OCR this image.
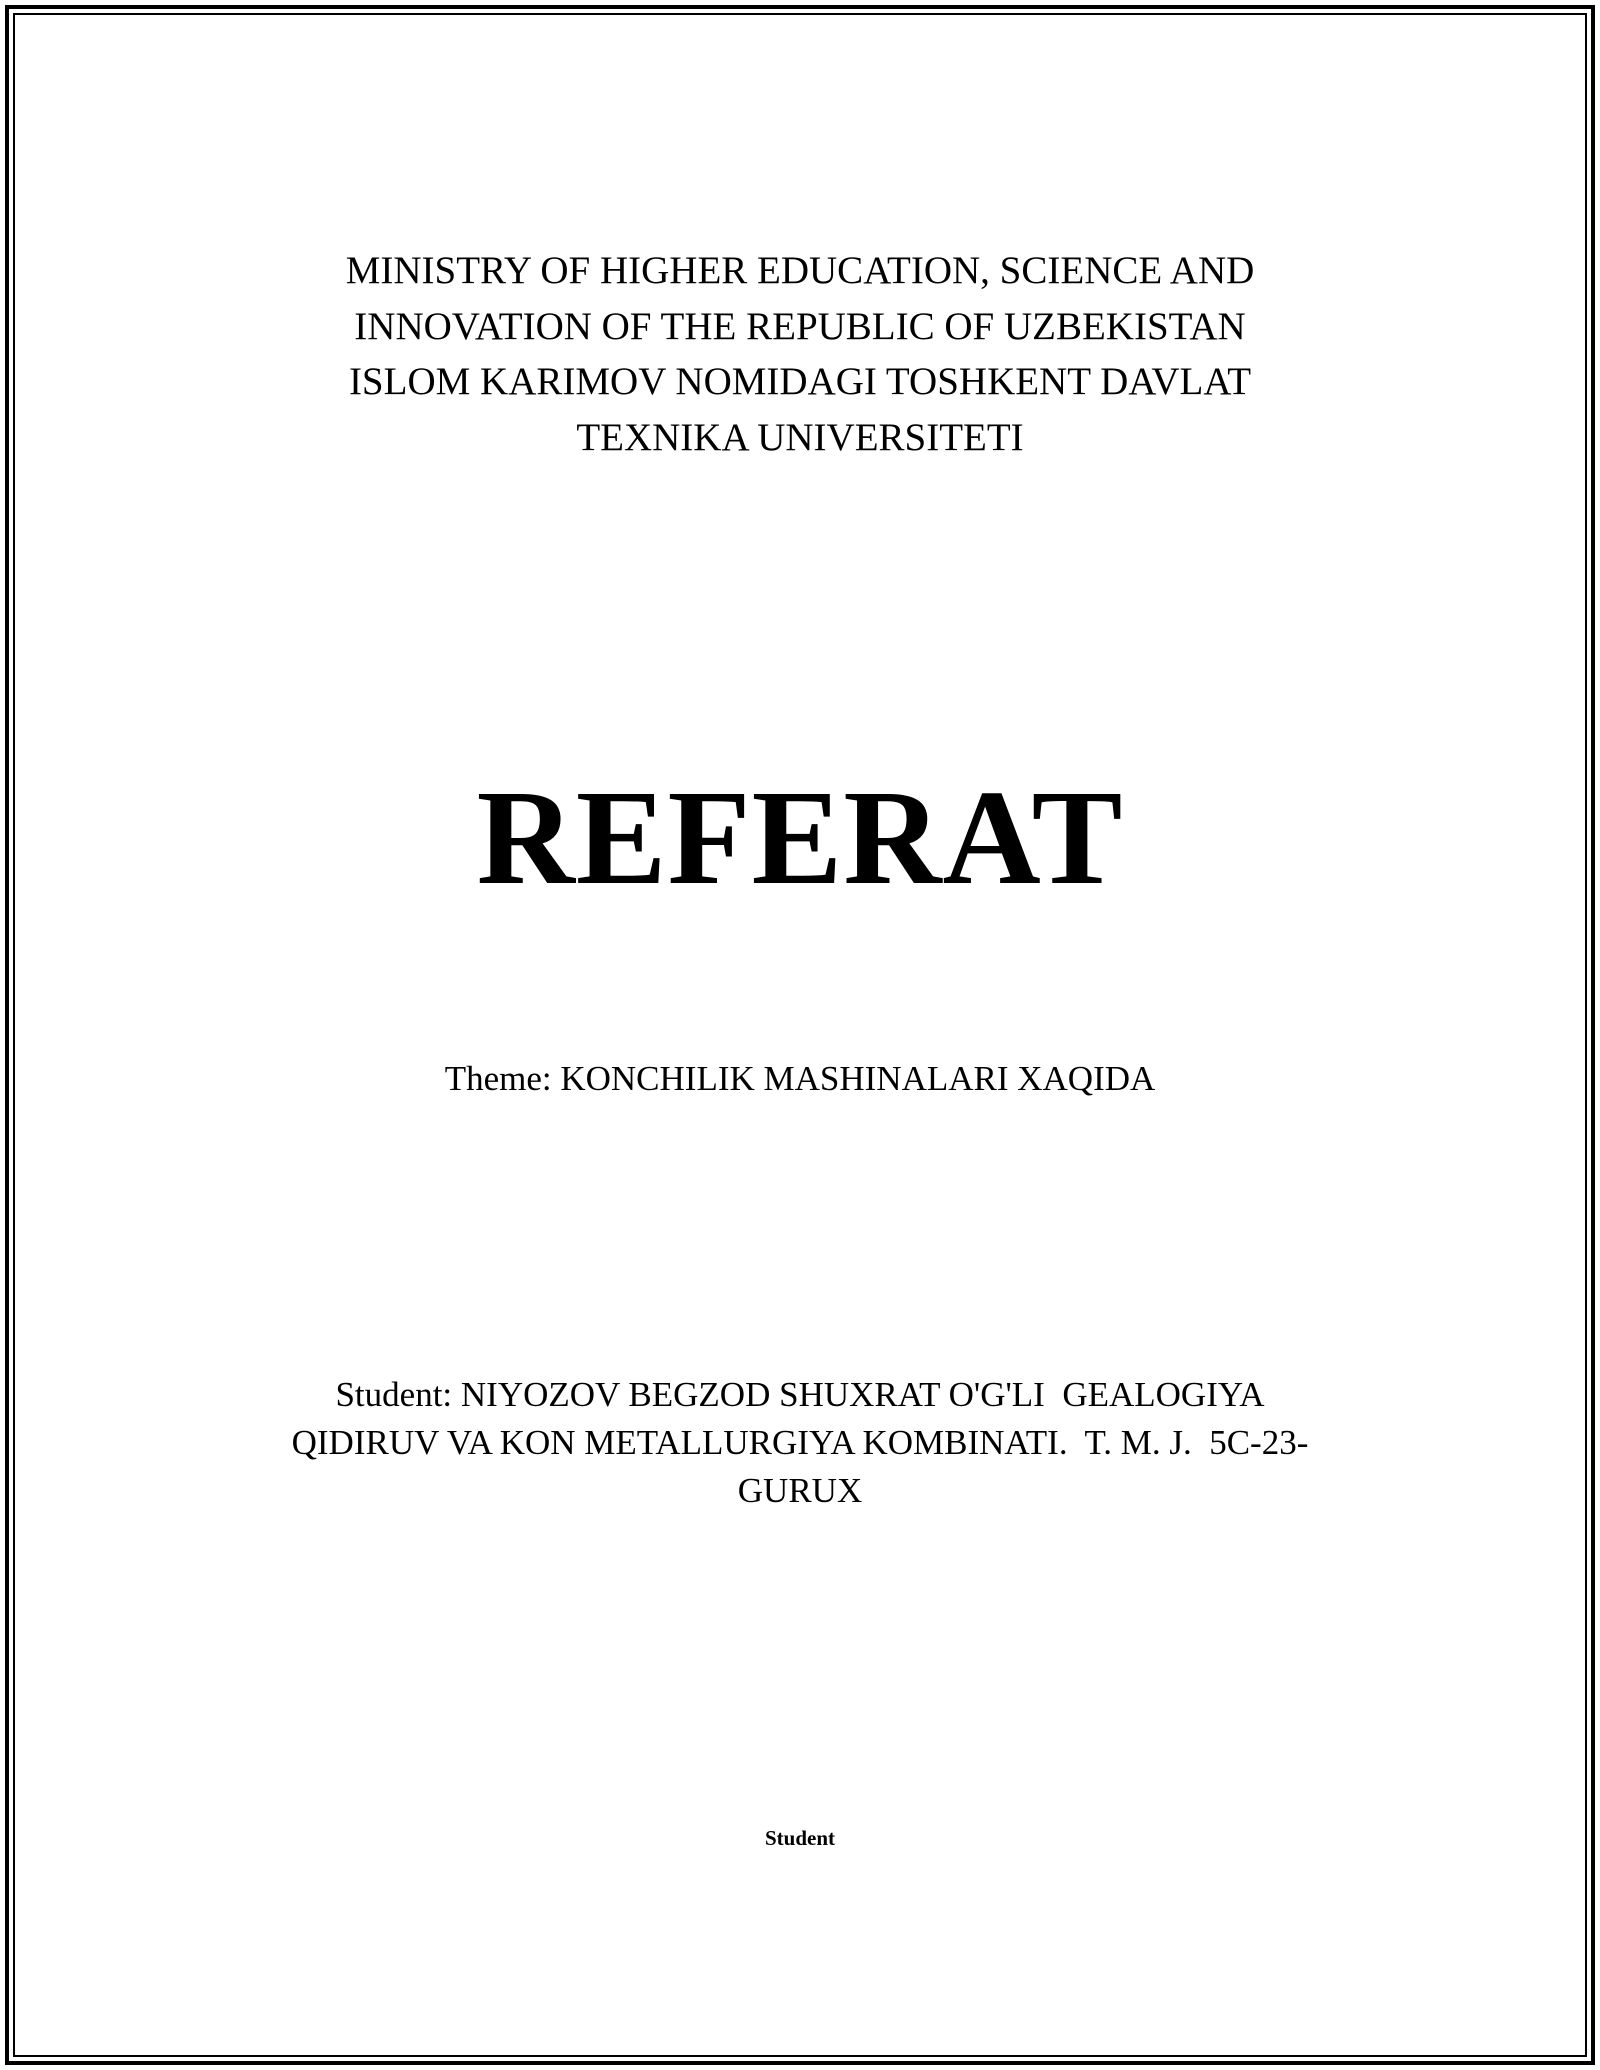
MINISTRY OF HIGHER EDUCATION, SCIENCE AND
INNOVATION OF THE REPUBLIC OF UZBEKISTAN
ISLOM KARIMOV NOMIDAGI TOSHKENT DAVLAT
TEXNIKA UNIVERSITETI
REFERAT
Theme: KONCHILIK MASHINALARI XAQIDA
Student: NIYOZOV BEGZOD SHUXRAT O'G'LI  GEALOGIYA
QIDIRUV VA KON METALLURGIYA KOMBINATI.  T. M. J.  5C-23-
GURUX
Student
